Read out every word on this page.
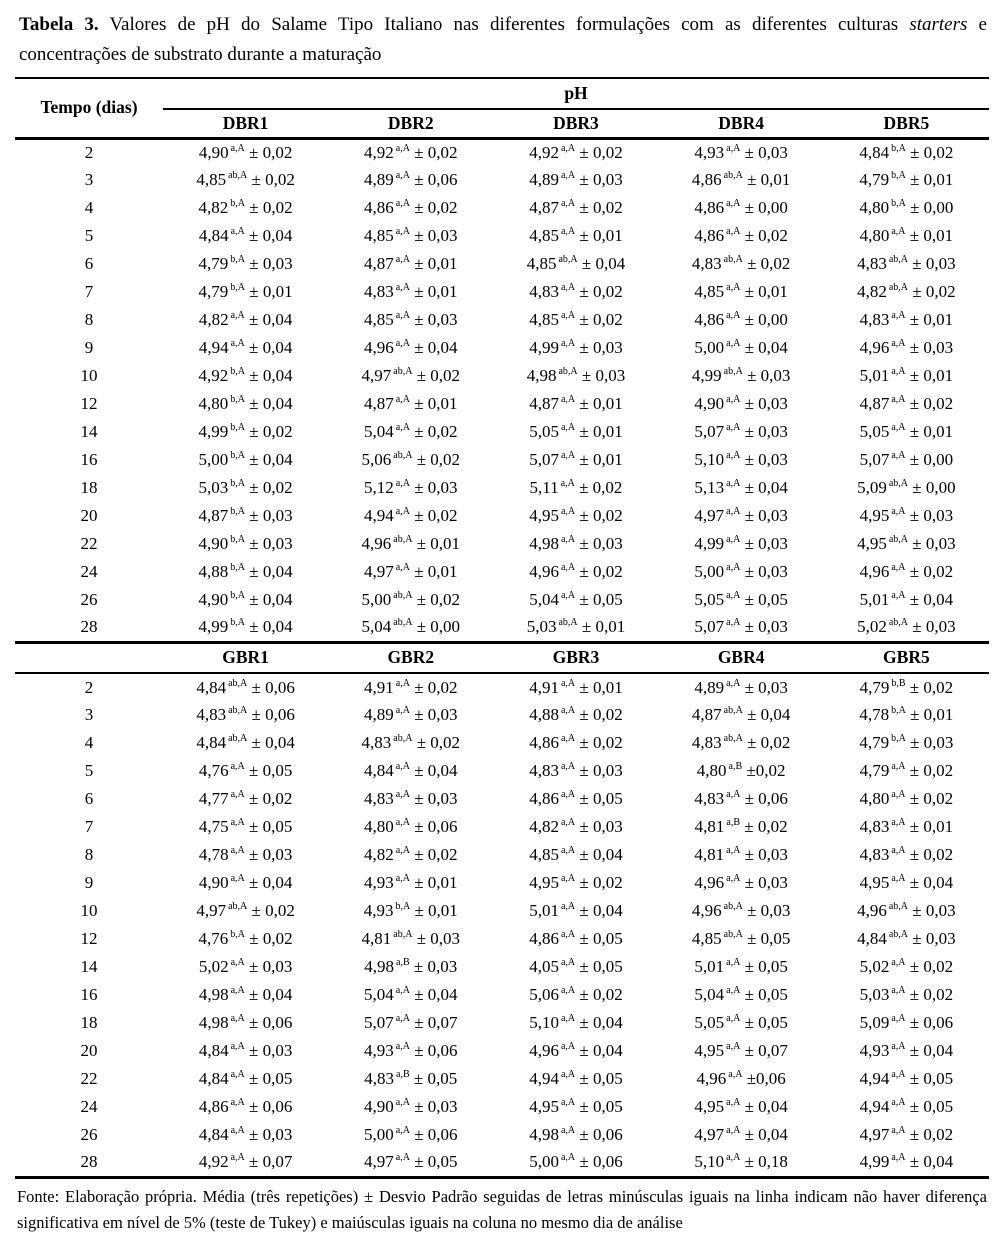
Tabela 3. Valores de pH do Salame Tipo Italiano nas diferentes formulações com as diferentes culturas starters e concentrações de substrato durante a maturação
Tempo (dias)	pH				
	DBR1	DBR2	DBR3	DBR4	DBR5
2	4,90 $^{a,A}$ ± 0,02	4,92 $^{a,A}$ ± 0,02	4,92 $^{a,A}$ ± 0,02	4,93 $^{a,A}$ ± 0,03	4,84 $^{b,A}$ ± 0,02
3	4,85 $^{ab,A}$ ± 0,02	4,89 $^{a,A}$ ± 0,06	4,89 $^{a,A}$ ± 0,03	4,86 $^{ab,A}$ ± 0,01	4,79 $^{b,A}$ ± 0,01
4	4,82 $^{b,A}$ ± 0,02	4,86 $^{a,A}$ ± 0,02	4,87 $^{a,A}$ ± 0,02	4,86 $^{a,A}$ ± 0,00	4,80 $^{b,A}$ ± 0,00
5	4,84 $^{a,A}$ ± 0,04	4,85 $^{a,A}$ ± 0,03	4,85 $^{a,A}$ ± 0,01	4,86 $^{a,A}$ ± 0,02	4,80 $^{a,A}$ ± 0,01
6	4,79 $^{b,A}$ ± 0,03	4,87 $^{a,A}$ ± 0,01	4,85 $^{ab,A}$ ± 0,04	4,83 $^{ab,A}$ ± 0,02	4,83 $^{ab,A}$ ± 0,03
7	4,79 $^{b,A}$ ± 0,01	4,83 $^{a,A}$ ± 0,01	4,83 $^{a,A}$ ± 0,02	4,85 $^{a,A}$ ± 0,01	4,82 $^{ab,A}$ ± 0,02
8	4,82 $^{a,A}$ ± 0,04	4,85 $^{a,A}$ ± 0,03	4,85 $^{a,A}$ ± 0,02	4,86 $^{a,A}$ ± 0,00	4,83 $^{a,A}$ ± 0,01
9	4,94 $^{a,A}$ ± 0,04	4,96 $^{a,A}$ ± 0,04	4,99 $^{a,A}$ ± 0,03	5,00 $^{a,A}$ ± 0,04	4,96 $^{a,A}$ ± 0,03
10	4,92 $^{b,A}$ ± 0,04	4,97 $^{ab,A}$ ± 0,02	4,98 $^{ab,A}$ ± 0,03	4,99 $^{ab,A}$ ± 0,03	5,01 $^{a,A}$ ± 0,01
12	4,80 $^{b,A}$ ± 0,04	4,87 $^{a,A}$ ± 0,01	4,87 $^{a,A}$ ± 0,01	4,90 $^{a,A}$ ± 0,03	4,87 $^{a,A}$ ± 0,02
14	4,99 $^{b,A}$ ± 0,02	5,04 $^{a,A}$ ± 0,02	5,05 $^{a,A}$ ± 0,01	5,07 $^{a,A}$ ± 0,03	5,05 $^{a,A}$ ± 0,01
16	5,00 $^{b,A}$ ± 0,04	5,06 $^{ab,A}$ ± 0,02	5,07 $^{a,A}$ ± 0,01	5,10 $^{a,A}$ ± 0,03	5,07 $^{a,A}$ ± 0,00
18	5,03 $^{b,A}$ ± 0,02	5,12 $^{a,A}$ ± 0,03	5,11 $^{a,A}$ ± 0,02	5,13 $^{a,A}$ ± 0,04	5,09 $^{ab,A}$ ± 0,00
20	4,87 $^{b,A}$ ± 0,03	4,94 $^{a,A}$ ± 0,02	4,95 $^{a,A}$ ± 0,02	4,97 $^{a,A}$ ± 0,03	4,95 $^{a,A}$ ± 0,03
22	4,90 $^{b,A}$ ± 0,03	4,96 $^{ab,A}$ ± 0,01	4,98 $^{a,A}$ ± 0,03	4,99 $^{a,A}$ ± 0,03	4,95 $^{ab,A}$ ± 0,03
24	4,88 $^{b,A}$ ± 0,04	4,97 $^{a,A}$ ± 0,01	4,96 $^{a,A}$ ± 0,02	5,00 $^{a,A}$ ± 0,03	4,96 $^{a,A}$ ± 0,02
26	4,90 $^{b,A}$ ± 0,04	5,00 $^{ab,A}$ ± 0,02	5,04 $^{a,A}$ ± 0,05	5,05 $^{a,A}$ ± 0,05	5,01 $^{a,A}$ ± 0,04
28	4,99 $^{b,A}$ ± 0,04	5,04 $^{ab,A}$ ± 0,00	5,03 $^{ab,A}$ ± 0,01	5,07 $^{a,A}$ ± 0,03	5,02 $^{ab,A}$ ± 0,03
	GBR1	GBR2	GBR3	GBR4	GBR5
2	4,84 $^{ab,A}$ ± 0,06	4,91 $^{a,A}$ ± 0,02	4,91 $^{a,A}$ ± 0,01	4,89 $^{a,A}$ ± 0,03	4,79 $^{b,B}$ ± 0,02
3	4,83 $^{ab,A}$ ± 0,06	4,89 $^{a,A}$ ± 0,03	4,88 $^{a,A}$ ± 0,02	4,87 $^{ab,A}$ ± 0,04	4,78 $^{b,A}$ ± 0,01
4	4,84 $^{ab,A}$ ± 0,04	4,83 $^{ab,A}$ ± 0,02	4,86 $^{a,A}$ ± 0,02	4,83 $^{ab,A}$ ± 0,02	4,79 $^{b,A}$ ± 0,03
5	4,76 $^{a,A}$ ± 0,05	4,84 $^{a,A}$ ± 0,04	4,83 $^{a,A}$ ± 0,03	4,80 $^{a,B}$ ±0,02	4,79 $^{a,A}$ ± 0,02
6	4,77 $^{a,A}$ ± 0,02	4,83 $^{a,A}$ ± 0,03	4,86 $^{a,A}$ ± 0,05	4,83 $^{a,A}$ ± 0,06	4,80 $^{a,A}$ ± 0,02
7	4,75 $^{a,A}$ ± 0,05	4,80 $^{a,A}$ ± 0,06	4,82 $^{a,A}$ ± 0,03	4,81 $^{a,B}$ ± 0,02	4,83 $^{a,A}$ ± 0,01
8	4,78 $^{a,A}$ ± 0,03	4,82 $^{a,A}$ ± 0,02	4,85 $^{a,A}$ ± 0,04	4,81 $^{a,A}$ ± 0,03	4,83 $^{a,A}$ ± 0,02
9	4,90 $^{a,A}$ ± 0,04	4,93 $^{a,A}$ ± 0,01	4,95 $^{a,A}$ ± 0,02	4,96 $^{a,A}$ ± 0,03	4,95 $^{a,A}$ ± 0,04
10	4,97 $^{ab,A}$ ± 0,02	4,93 $^{b,A}$ ± 0,01	5,01 $^{a,A}$ ± 0,04	4,96 $^{ab,A}$ ± 0,03	4,96 $^{ab,A}$ ± 0,03
12	4,76 $^{b,A}$ ± 0,02	4,81 $^{ab,A}$ ± 0,03	4,86 $^{a,A}$ ± 0,05	4,85 $^{ab,A}$ ± 0,05	4,84 $^{ab,A}$ ± 0,03
14	5,02 $^{a,A}$ ± 0,03	4,98 $^{a,B}$ ± 0,03	4,05 $^{a,A}$ ± 0,05	5,01 $^{a,A}$ ± 0,05	5,02 $^{a,A}$ ± 0,02
16	4,98 $^{a,A}$ ± 0,04	5,04 $^{a,A}$ ± 0,04	5,06 $^{a,A}$ ± 0,02	5,04 $^{a,A}$ ± 0,05	5,03 $^{a,A}$ ± 0,02
18	4,98 $^{a,A}$ ± 0,06	5,07 $^{a,A}$ ± 0,07	5,10 $^{a,A}$ ± 0,04	5,05 $^{a,A}$ ± 0,05	5,09 $^{a,A}$ ± 0,06
20	4,84 $^{a,A}$ ± 0,03	4,93 $^{a,A}$ ± 0,06	4,96 $^{a,A}$ ± 0,04	4,95 $^{a,A}$ ± 0,07	4,93 $^{a,A}$ ± 0,04
22	4,84 $^{a,A}$ ± 0,05	4,83 $^{a,B}$ ± 0,05	4,94 $^{a,A}$ ± 0,05	4,96 $^{a,A}$ ±0,06	4,94 $^{a,A}$ ± 0,05
24	4,86 $^{a,A}$ ± 0,06	4,90 $^{a,A}$ ± 0,03	4,95 $^{a,A}$ ± 0,05	4,95 $^{a,A}$ ± 0,04	4,94 $^{a,A}$ ± 0,05
26	4,84 $^{a,A}$ ± 0,03	5,00 $^{a,A}$ ± 0,06	4,98 $^{a,A}$ ± 0,06	4,97 $^{a,A}$ ± 0,04	4,97 $^{a,A}$ ± 0,02
28	4,92 $^{a,A}$ ± 0,07	4,97 $^{a,A}$ ± 0,05	5,00 $^{a,A}$ ± 0,06	5,10 $^{a,A}$ ± 0,18	4,99 $^{a,A}$ ± 0,04
Fonte: Elaboração própria. Média (três repetições) ± Desvio Padrão seguidas de letras minúsculas iguais na linha indicam não haver diferença significativa em nível de 5% (teste de Tukey) e maiúsculas iguais na coluna no mesmo dia de análise
